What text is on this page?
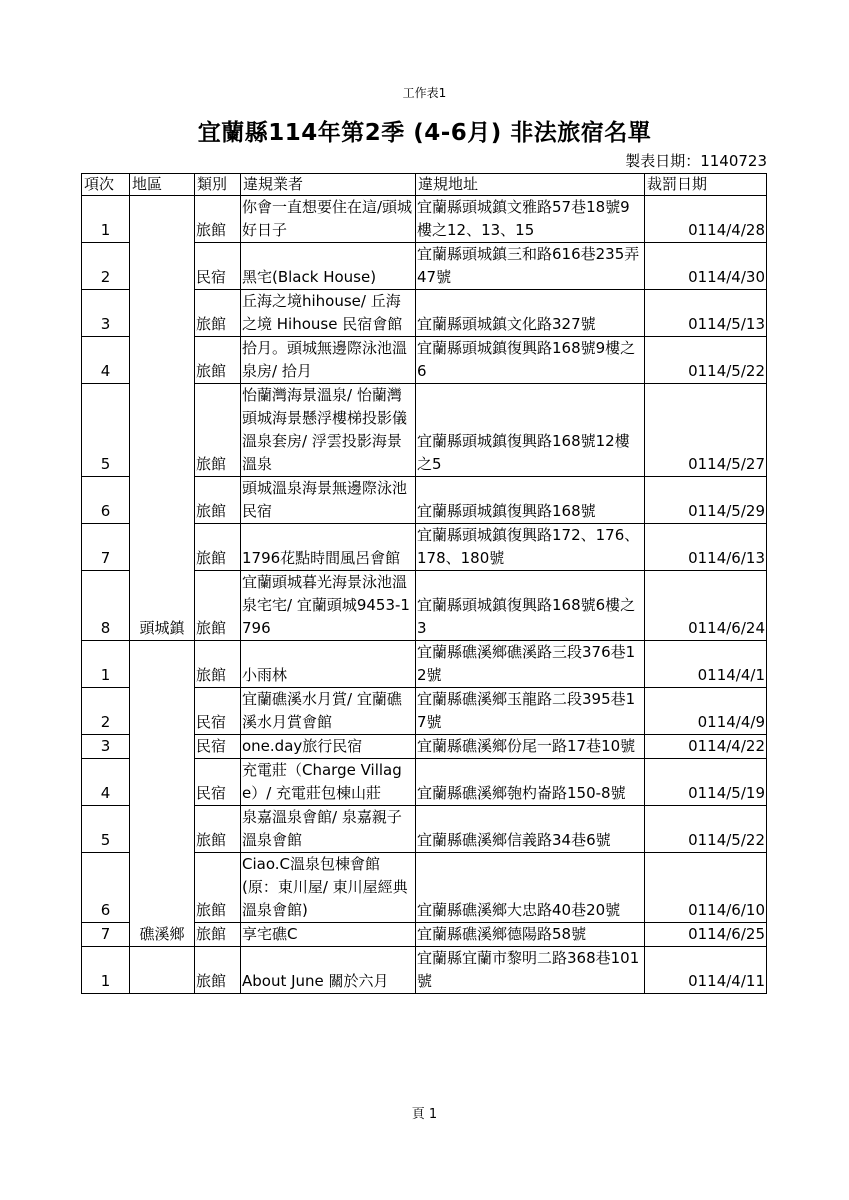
工作表1
宜蘭縣114年第2季 (4-6月) 非法旅宿名單
製表日期：1140723
項次	地區	類別	違規業者	違規地址	裁罰日期
1	頭城鎮	旅館	你會一直想要住在這/頭城好日子	宜蘭縣頭城鎮文雅路57巷18號9樓之12、13、15	0114/4/28
2		民宿	黑宅(Black House)	宜蘭縣頭城鎮三和路616巷235弄47號	0114/4/30
3		旅館	丘海之境hihouse/ 丘海之境 Hihouse 民宿會館	宜蘭縣頭城鎮文化路327號	0114/5/13
4		旅館	拾月。頭城無邊際泳池溫泉房/ 拾月	宜蘭縣頭城鎮復興路168號9樓之6	0114/5/22
5		旅館	怡蘭灣海景溫泉/ 怡蘭灣 頭城海景懸浮樓梯投影儀溫泉套房/ 浮雲投影海景溫泉	宜蘭縣頭城鎮復興路168號12樓之5	0114/5/27
6		旅館	頭城溫泉海景無邊際泳池民宿	宜蘭縣頭城鎮復興路168號	0114/5/29
7		旅館	1796花點時間風呂會館	宜蘭縣頭城鎮復興路172、176、178、180號	0114/6/13
8		旅館	宜蘭頭城暮光海景泳池溫泉宅宅/ 宜蘭頭城9453-1796	宜蘭縣頭城鎮復興路168號6樓之3	0114/6/24
1	礁溪鄉	旅館	小雨林	宜蘭縣礁溪鄉礁溪路三段376巷12號	0114/4/1
2		民宿	宜蘭礁溪水月賞/ 宜蘭礁溪水月賞會館	宜蘭縣礁溪鄉玉龍路二段395巷17號	0114/4/9
3		民宿	one.day旅行民宿	宜蘭縣礁溪鄉份尾一路17巷10號	0114/4/22
4		民宿	充電莊（Charge Village）/ 充電莊包棟山莊	宜蘭縣礁溪鄉匏杓崙路150-8號	0114/5/19
5		旅館	泉嘉溫泉會館/ 泉嘉親子溫泉會館	宜蘭縣礁溪鄉信義路34巷6號	0114/5/22
6		旅館	Ciao.C溫泉包棟會館(原：東川屋/ 東川屋經典溫泉會館)	宜蘭縣礁溪鄉大忠路40巷20號	0114/6/10
7		旅館	享宅礁C	宜蘭縣礁溪鄉德陽路58號	0114/6/25
1		旅館	About June 關於六月	宜蘭縣宜蘭市黎明二路368巷101號	0114/4/11
頁 1
